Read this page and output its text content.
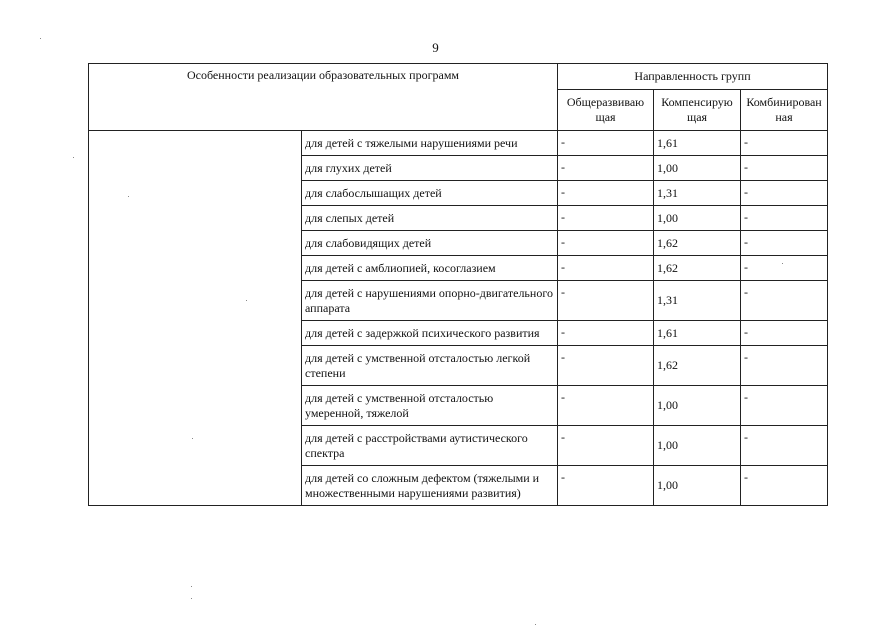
9
Особенности реализации образовательных программ		Направленность групп		
		Общеразвиваю щая	Компенсирую щая	Комбинирован ная
	для детей с тяжелыми нарушениями речи	-	1,61	-
	для глухих детей	-	1,00	-
	для слабослышащих детей	-	1,31	-
	для слепых детей	-	1,00	-
	для слабовидящих детей	-	1,62	-
	для детей с амблиопией, косоглазием	-	1,62	-
	для детей с нарушениями опорно-двигательного аппарата	-	1,31	-
	для детей с задержкой психического развития	-	1,61	-
	для детей с умственной отсталостью легкой степени	-	1,62	-
	для детей с умственной отсталостью умеренной, тяжелой	-	1,00	-
	для детей с расстройствами аутистического спектра	-	1,00	-
	для детей со сложным дефектом (тяжелыми и множественными нарушениями развития)	-	1,00	-
